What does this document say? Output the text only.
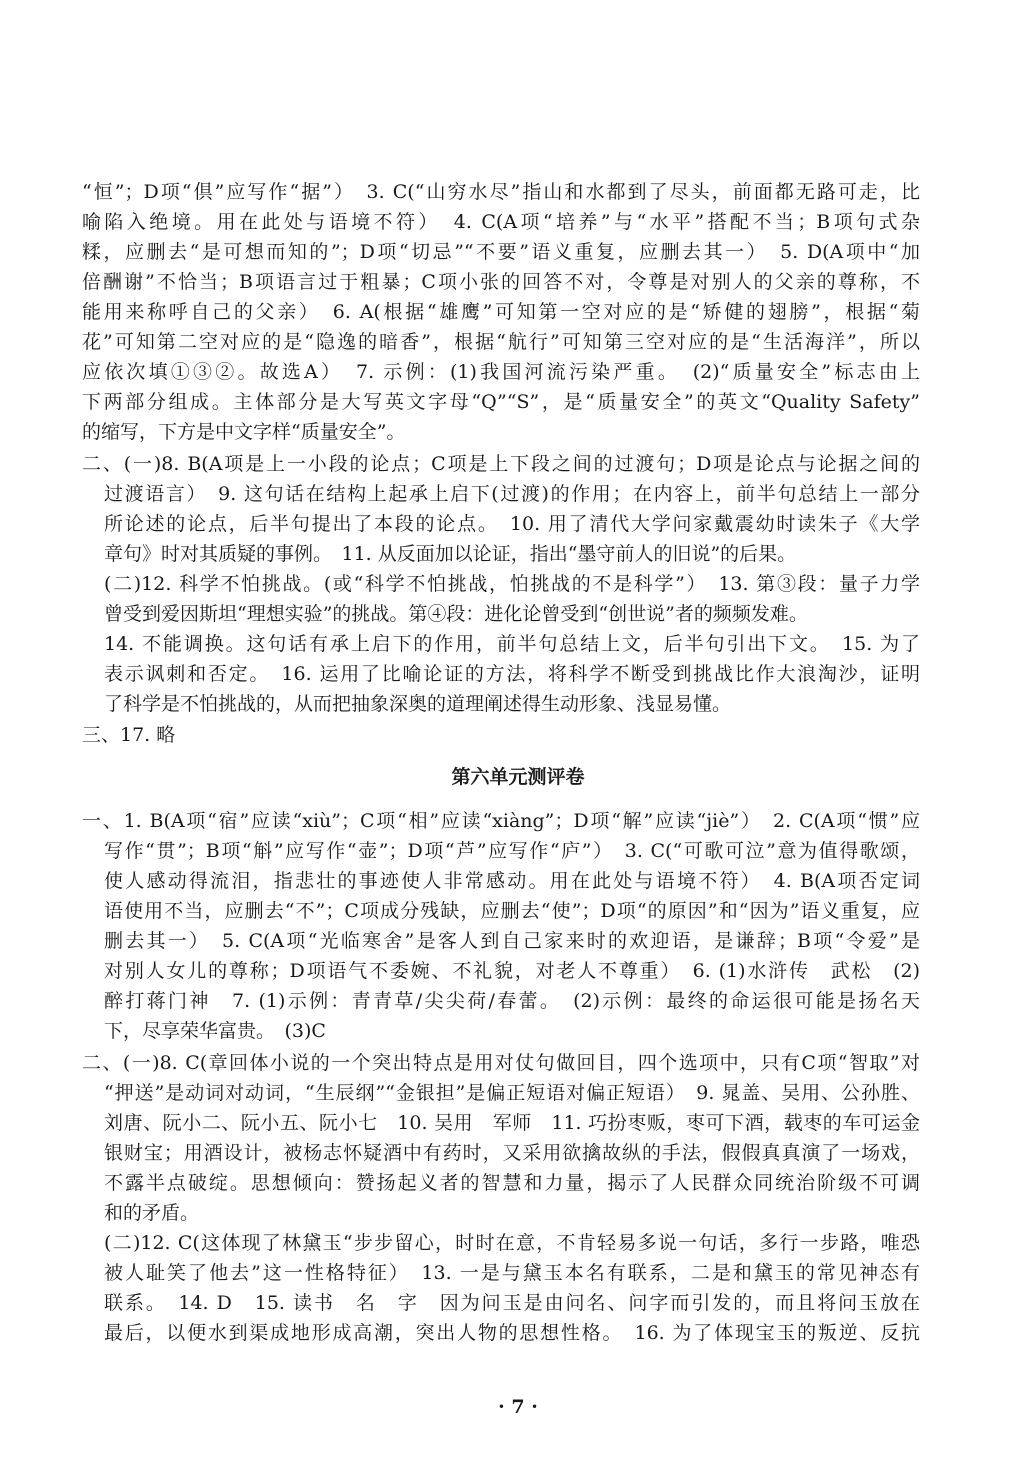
“恒”；D项“倶”应写作“据”）　3. C(“山穷水尽”指山和水都到了尽头，前面都无路可走，比
喻陷入绝境。用在此处与语境不符）　4. C(A项“培养”与“水平”搭配不当；B项句式杂
糅，应删去“是可想而知的”；D项“切忌”“不要”语义重复，应删去其一）　5. D(A项中“加
倍酬谢”不恰当；B项语言过于粗暴；C项小张的回答不对，令尊是对别人的父亲的尊称，不
能用来称呼自己的父亲）　6. A(根据“雄鹰”可知第一空对应的是“矫健的翅膀”，根据“菊
花”可知第二空对应的是“隐逸的暗香”，根据“航行”可知第三空对应的是“生活海洋”，所以
应依次填①③②。故选A）　7. 示例：(1)我国河流污染严重。　(2)“质量安全”标志由上
下两部分组成。主体部分是大写英文字母“Q”“S”，是“质量安全”的英文“Quality Safety”
的缩写，下方是中文字样“质量安全”。
二、(一)8. B(A项是上一小段的论点；C项是上下段之间的过渡句；D项是论点与论据之间的
过渡语言）　9. 这句话在结构上起承上启下(过渡)的作用；在内容上，前半句总结上一部分
所论述的论点，后半句提出了本段的论点。　10. 用了清代大学问家戴震幼时读朱子《大学
章句》时对其质疑的事例。　11. 从反面加以论证，指出“墨守前人的旧说”的后果。
(二)12. 科学不怕挑战。(或“科学不怕挑战，怕挑战的不是科学”）　13. 第③段：量子力学
曾受到爱因斯坦“理想实验”的挑战。第④段：进化论曾受到“创世说”者的频频发难。
14. 不能调换。这句话有承上启下的作用，前半句总结上文，后半句引出下文。　15. 为了
表示讽刺和否定。　16. 运用了比喻论证的方法，将科学不断受到挑战比作大浪淘沙，证明
了科学是不怕挑战的，从而把抽象深奥的道理阐述得生动形象、浅显易懂。
三、17. 略
第六单元测评卷
一、1. B(A项“宿”应读“xiù”；C项“相”应读“xiàng”；D项“解”应读“jiè”）　2. C(A项“惯”应
写作“贯”；B项“斛”应写作“壶”；D项“芦”应写作“庐”）　3. C(“可歌可泣”意为值得歌颂，
使人感动得流泪，指悲壮的事迹使人非常感动。用在此处与语境不符）　4. B(A项否定词
语使用不当，应删去“不”；C项成分残缺，应删去“使”；D项“的原因”和“因为”语义重复，应
删去其一）　5. C(A项“光临寒舍”是客人到自己家来时的欢迎语，是谦辞；B项“令爱”是
对别人女儿的尊称；D项语气不委婉、不礼貌，对老人不尊重）　6. (1)水浒传　武松　(2)
醉打蒋门神　7. (1)示例：青青草/尖尖荷/春蕾。　(2)示例：最终的命运很可能是扬名天
下，尽享荣华富贵。　(3)C
二、(一)8. C(章回体小说的一个突出特点是用对仗句做回目，四个选项中，只有C项“智取”对
“押送”是动词对动词，“生辰纲”“金银担”是偏正短语对偏正短语）　9. 晁盖、吴用、公孙胜、
刘唐、阮小二、阮小五、阮小七　10. 吴用　军师　11. 巧扮枣贩，枣可下酒，载枣的车可运金
银财宝；用酒设计，被杨志怀疑酒中有药时，又采用欲擒故纵的手法，假假真真演了一场戏，
不露半点破绽。思想倾向：赞扬起义者的智慧和力量，揭示了人民群众同统治阶级不可调
和的矛盾。
(二)12. C(这体现了林黛玉“步步留心，时时在意，不肯轻易多说一句话，多行一步路，唯恐
被人耻笑了他去”这一性格特征）　13. 一是与黛玉本名有联系，二是和黛玉的常见神态有
联系。　14. D　15. 读书　名　字　因为问玉是由问名、问字而引发的，而且将问玉放在
最后，以便水到渠成地形成高潮，突出人物的思想性格。　16. 为了体现宝玉的叛逆、反抗
· 7 ·
